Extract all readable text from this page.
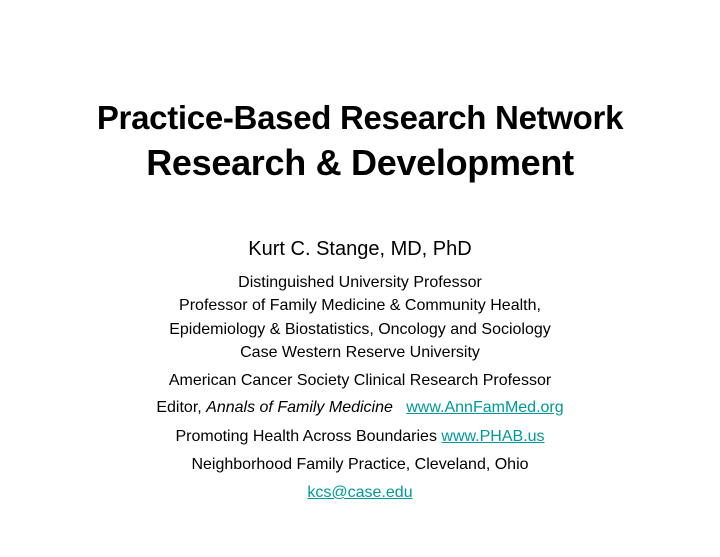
Practice-Based Research Network
Research & Development
Kurt C. Stange, MD, PhD
Distinguished University Professor
Professor of Family Medicine & Community Health,
Epidemiology & Biostatistics, Oncology and Sociology
Case Western Reserve University
American Cancer Society Clinical Research Professor
Editor, Annals of Family Medicine www.AnnFamMed.org
Promoting Health Across Boundaries www.PHAB.us
Neighborhood Family Practice, Cleveland, Ohio
kcs@case.edu
